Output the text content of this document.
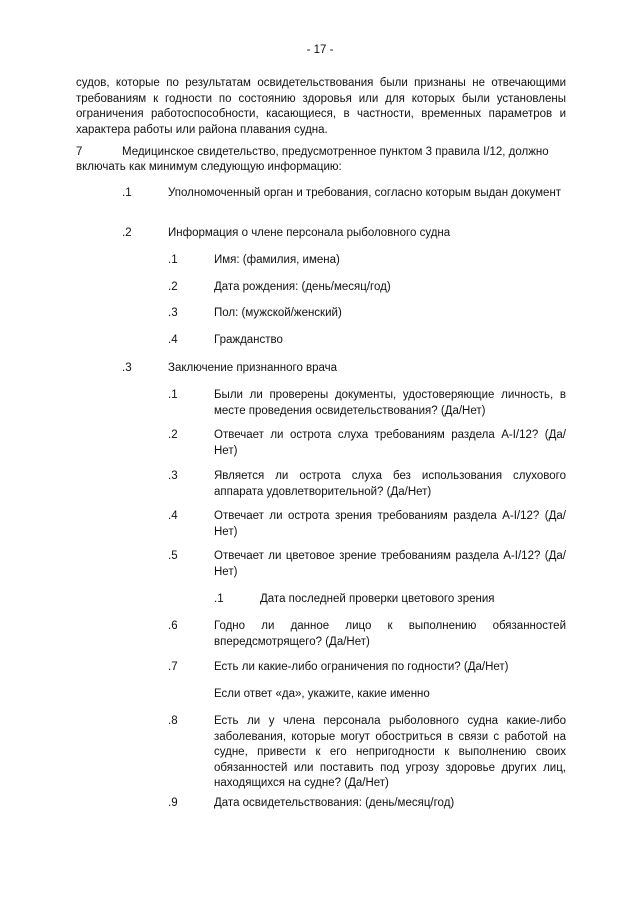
- 17 -
судов, которые по результатам освидетельствования были признаны не отвечающими требованиям к годности по состоянию здоровья или для которых были установлены ограничения работоспособности, касающиеся, в частности, временных параметров и характера работы или района плавания судна.
7	Медицинское свидетельство, предусмотренное пунктом 3 правила I/12, должно
включать как минимум следующую информацию:
.1	Уполномоченный орган и требования, согласно которым выдан документ
.2	Информация о члене персонала рыболовного судна
.1	Имя: (фамилия, имена)
.2	Дата рождения: (день/месяц/год)
.3	Пол: (мужской/женский)
.4	Гражданство
.3	Заключение признанного врача
.1	Были ли проверены документы, удостоверяющие личность, в месте проведения освидетельствования? (Да/Нет)
.2	Отвечает ли острота слуха требованиям раздела A-I/12? (Да/Нет)
.3	Является ли острота слуха без использования слухового аппарата удовлетворительной? (Да/Нет)
.4	Отвечает ли острота зрения требованиям раздела A-I/12? (Да/Нет)
.5	Отвечает ли цветовое зрение требованиям раздела A-I/12? (Да/Нет)
.1	Дата последней проверки цветового зрения
.6	Годно ли данное лицо к выполнению обязанностей впередсмотрящего? (Да/Нет)
.7	Есть ли какие-либо ограничения по годности? (Да/Нет)
Если ответ «да», укажите, какие именно
.8	Есть ли у члена персонала рыболовного судна какие-либо заболевания, которые могут обостриться в связи с работой на судне, привести к его непригодности к выполнению своих обязанностей или поставить под угрозу здоровье других лиц, находящихся на судне? (Да/Нет)
.9	Дата освидетельствования: (день/месяц/год)
